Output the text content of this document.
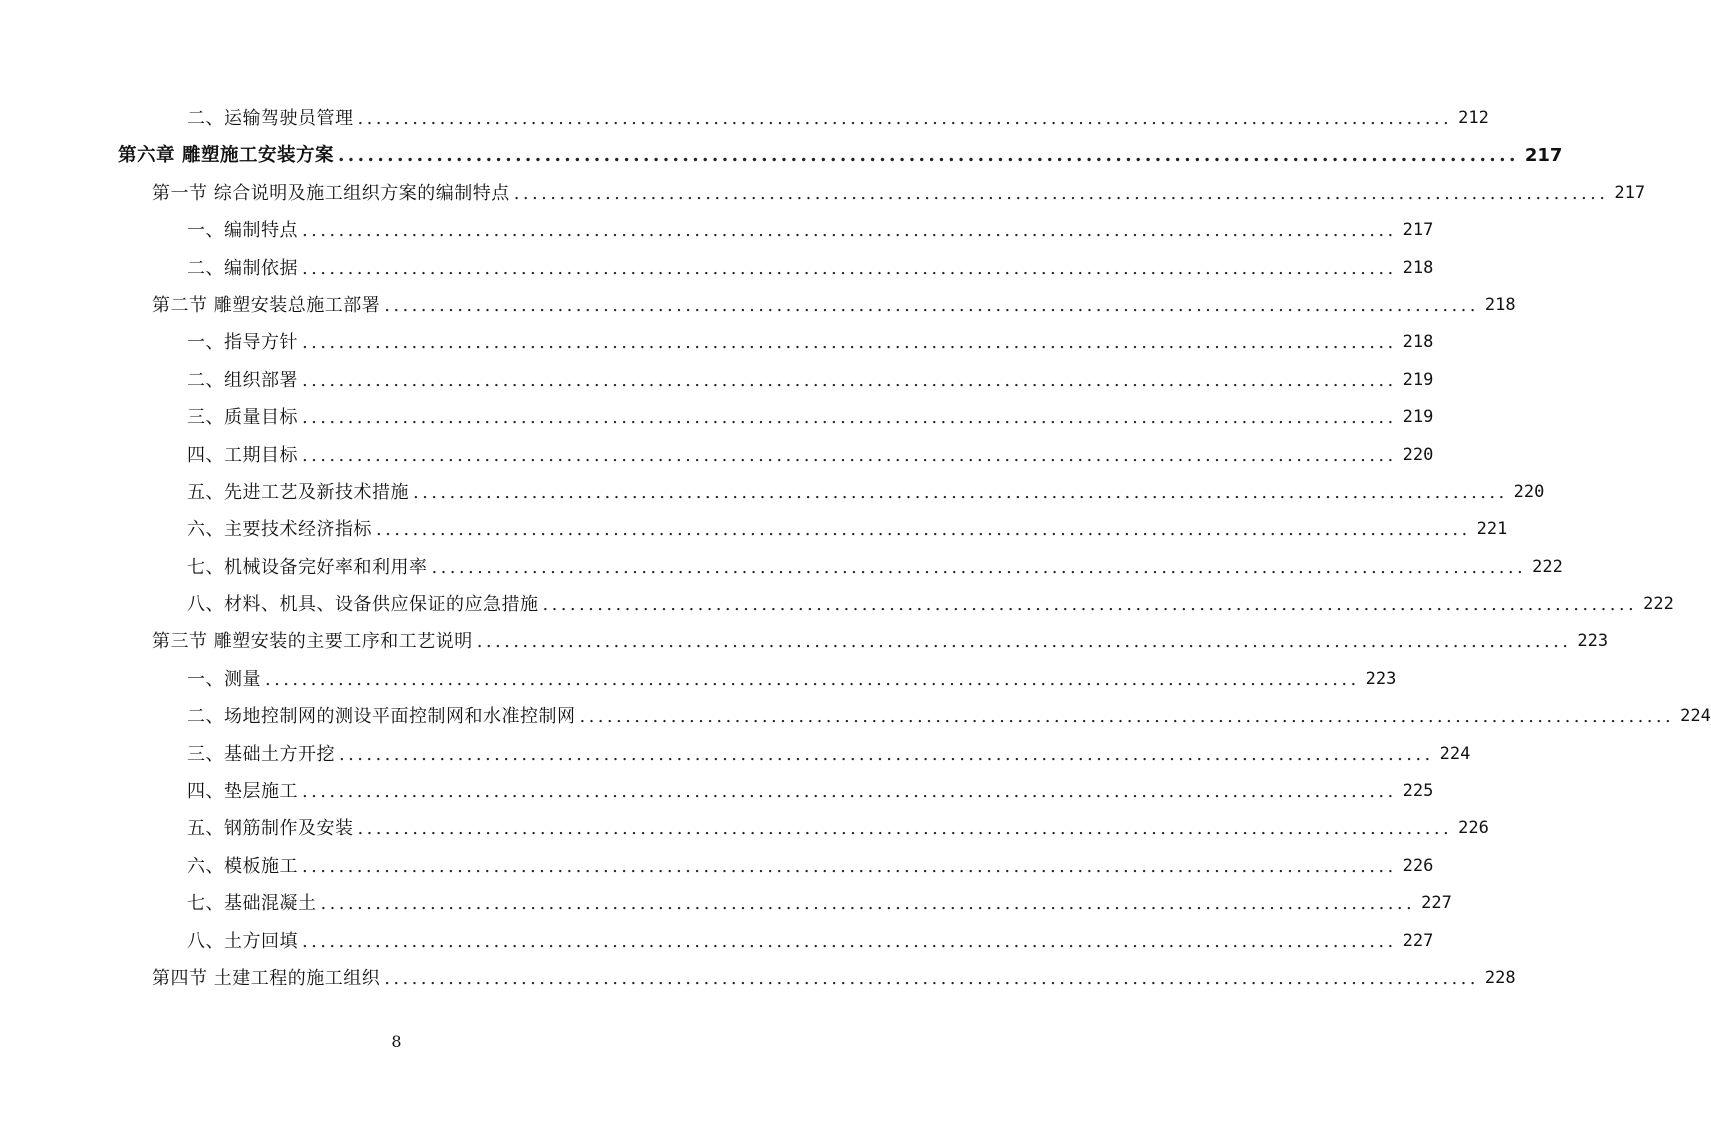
二、运输驾驶员管理 ........................................................................................................................ 212
第六章 雕塑施工安装方案 ........................................................................................................................ 217
第一节 综合说明及施工组织方案的编制特点 ........................................................................................................................ 217
一、编制特点 ........................................................................................................................ 217
二、编制依据 ........................................................................................................................ 218
第二节 雕塑安装总施工部署 ........................................................................................................................ 218
一、指导方针 ........................................................................................................................ 218
二、组织部署 ........................................................................................................................ 219
三、质量目标 ........................................................................................................................ 219
四、工期目标 ........................................................................................................................ 220
五、先进工艺及新技术措施 ........................................................................................................................ 220
六、主要技术经济指标 ........................................................................................................................ 221
七、机械设备完好率和利用率 ........................................................................................................................ 222
八、材料、机具、设备供应保证的应急措施 ........................................................................................................................ 222
第三节 雕塑安装的主要工序和工艺说明 ........................................................................................................................ 223
一、测量 ........................................................................................................................ 223
二、场地控制网的测设平面控制网和水准控制网 ........................................................................................................................ 224
三、基础土方开挖 ........................................................................................................................ 224
四、垫层施工 ........................................................................................................................ 225
五、钢筋制作及安装 ........................................................................................................................ 226
六、模板施工 ........................................................................................................................ 226
七、基础混凝土 ........................................................................................................................ 227
八、土方回填 ........................................................................................................................ 227
第四节 土建工程的施工组织 ........................................................................................................................ 228
8
